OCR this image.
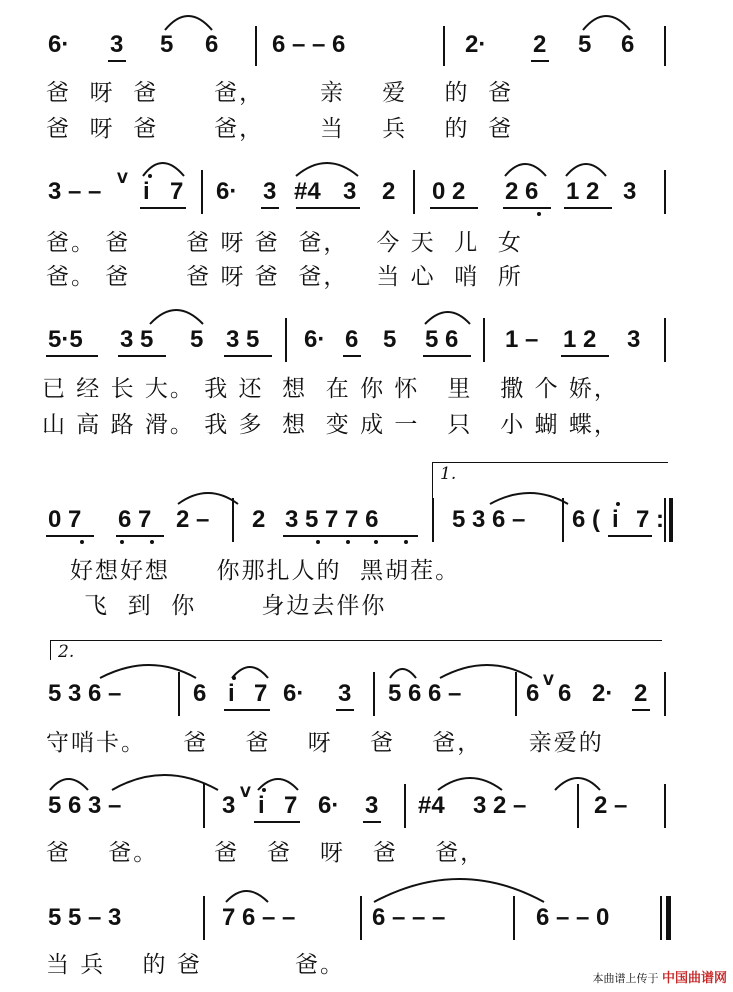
6· 3 5 6 6 – – 6	2· 2 5 6
爸  呀  爸      爸，      亲    爱    的  爸
爸  呀  爸      爸，      当    兵    的  爸
3 – – V i 7 6· 3 #4 3 2 0 2 2 6 1 2 3
爸。 爸      爸 呀 爸  爸，   今 天  儿  女
爸。 爸      爸 呀 爸  爸，   当 心  哨  所
5·5 3 5 5 3 5 6· 6 5 5 6 1 – 1 2 3
已 经 长 大。 我 还  想  在 你 怀   里   撒 个 娇，
山 高 路 滑。 我 多  想  变 成 一   只   小 蝴 蝶，
1.
0 7 6 7 2 – 2 3 5 7 7 6	5 3 6 – 6 ( i 7 :
好想好想     你那扎人的  黑胡茬。
飞  到  你       身边去伴你
2.
5 3 6 –	6 i 7 6· 3 5 6 6 –	6 V 6 2· 2
守哨卡。    爸    爸    呀    爸    爸，     亲爱的
5 6 3 –	3 V i 7 6· 3 #4 3 2 –	2 –
爸    爸。      爸   爸   呀   爸    爸，
5 5 – 3	7 6 – –	6 – – –	6 – – 0
当 兵    的 爸          爸。
本曲谱上传于 中国曲谱网
